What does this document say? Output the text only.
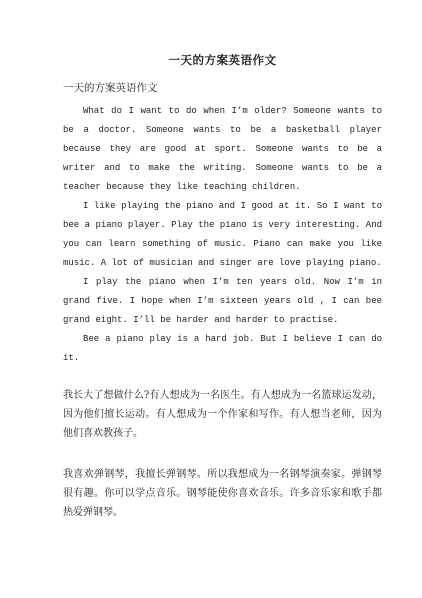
一天的方案英语作文
一天的方案英语作文

What do I want to do when I’m older? Someone wants to be a doctor. Someone wants to be a basketball player because they are good at sport. Someone wants to be a writer and to make the writing. Someone wants to be a teacher because they like teaching children.

I like playing the piano and I good at it. So I want to bee a piano player. Play the piano is very interesting. And you can learn something of music. Piano can make you like music. A lot of musician and singer are love playing piano.

I play the piano when I’m ten years old. Now I’m in grand five. I hope when I’m sixteen years old , I can bee grand eight. I’ll be harder and harder to practise.

Bee a piano play is a hard job. But I believe I can do it.

我长大了想做什么?有人想成为一名医生。有人想成为一名篮球运发动，因为他们擅长运动。有人想成为一个作家和写作。有人想当老师，因为他们喜欢教孩子。

我喜欢弹钢琴，我擅长弹钢琴。所以我想成为一名钢琴演奏家。弹钢琴很有趣。你可以学点音乐。钢琴能使你喜欢音乐。许多音乐家和歌手都热爱弹钢琴。
